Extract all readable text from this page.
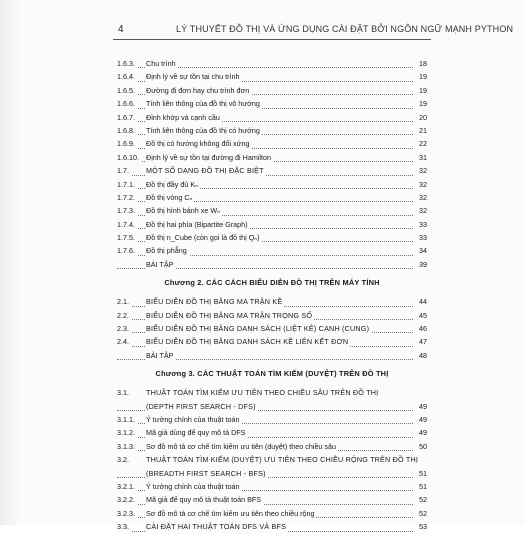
4	LÝ THUYẾT ĐỒ THỊ VÀ ỨNG DỤNG CÀI ĐẶT BỞI NGÔN NGỮ MẠNH PYTHON
1.6.3. Chu trình	18
1.6.4. Định lý về sự tồn tại chu trình	19
1.6.5. Đường đi đơn hay chu trình đơn	19
1.6.6. Tính liên thông của đồ thị vô hướng	19
1.6.7. Đỉnh khớp và cạnh cầu	20
1.6.8. Tính liên thông của đồ thị có hướng	21
1.6.9. Đồ thị có hướng không đối xứng	22
1.6.10. Định lý về sự tồn tại đường đi Hamilton	31
1.7. MỘT SỐ DẠNG ĐỒ THỊ ĐẶC BIỆT	32
1.7.1. Đồ thị đầy đủ Kₙ	32
1.7.2. Đồ thị vòng Cₙ	32
1.7.3. Đồ thị hình bánh xe Wₙ	32
1.7.4. Đồ thị hai phía (Bipartite Graph)	33
1.7.5. Đồ thị n_Cube (còn gọi là đồ thị Qₙ)	33
1.7.6. Đồ thị phẳng	34
BÀI TẬP	39
Chương 2. CÁC CÁCH BIỂU DIỄN ĐỒ THỊ TRÊN MÁY TÍNH
2.1. BIỂU DIỄN ĐỒ THỊ BẰNG MA TRẬN KỀ	44
2.2. BIỂU DIỄN ĐỒ THỊ BẰNG MA TRẬN TRỌNG SỐ	45
2.3. BIỂU DIỄN ĐỒ THỊ BẰNG DANH SÁCH (LIỆT KÊ) CẠNH (CUNG)	46
2.4. BIỂU DIỄN ĐỒ THỊ BẰNG DANH SÁCH KỀ LIÊN KẾT ĐƠN	47
BÀI TẬP	48
Chương 3. CÁC THUẬT TOÁN TÌM KIẾM (DUYỆT) TRÊN ĐỒ THỊ
3.1. THUẬT TOÁN TÌM KIẾM ƯU TIÊN THEO CHIỀU SÂU TRÊN ĐỒ THỊ
(DEPTH FIRST SEARCH - DFS)	49
3.1.1. Ý tưởng chính của thuật toán	49
3.1.2. Mã giả dùng để quy mô tả DFS	49
3.1.3. Sơ đồ mô tả cơ chế tìm kiếm ưu tiên (duyệt) theo chiều sâu	50
3.2. THUẬT TOÁN TÌM KIẾM (DUYỆT) ƯU TIÊN THEO CHIỀU RỘNG TRÊN ĐỒ THỊ
(BREADTH FIRST SEARCH - BFS)	51
3.2.1. Ý tưởng chính của thuật toán	51
3.2.2. Mã giả để quy mô tả thuật toán BFS	52
3.2.3. Sơ đồ mô tả cơ chế tìm kiếm ưu tiên theo chiều rộng	52
3.3. CÀI ĐẶT HAI THUẬT TOÁN DFS VÀ BFS	53
